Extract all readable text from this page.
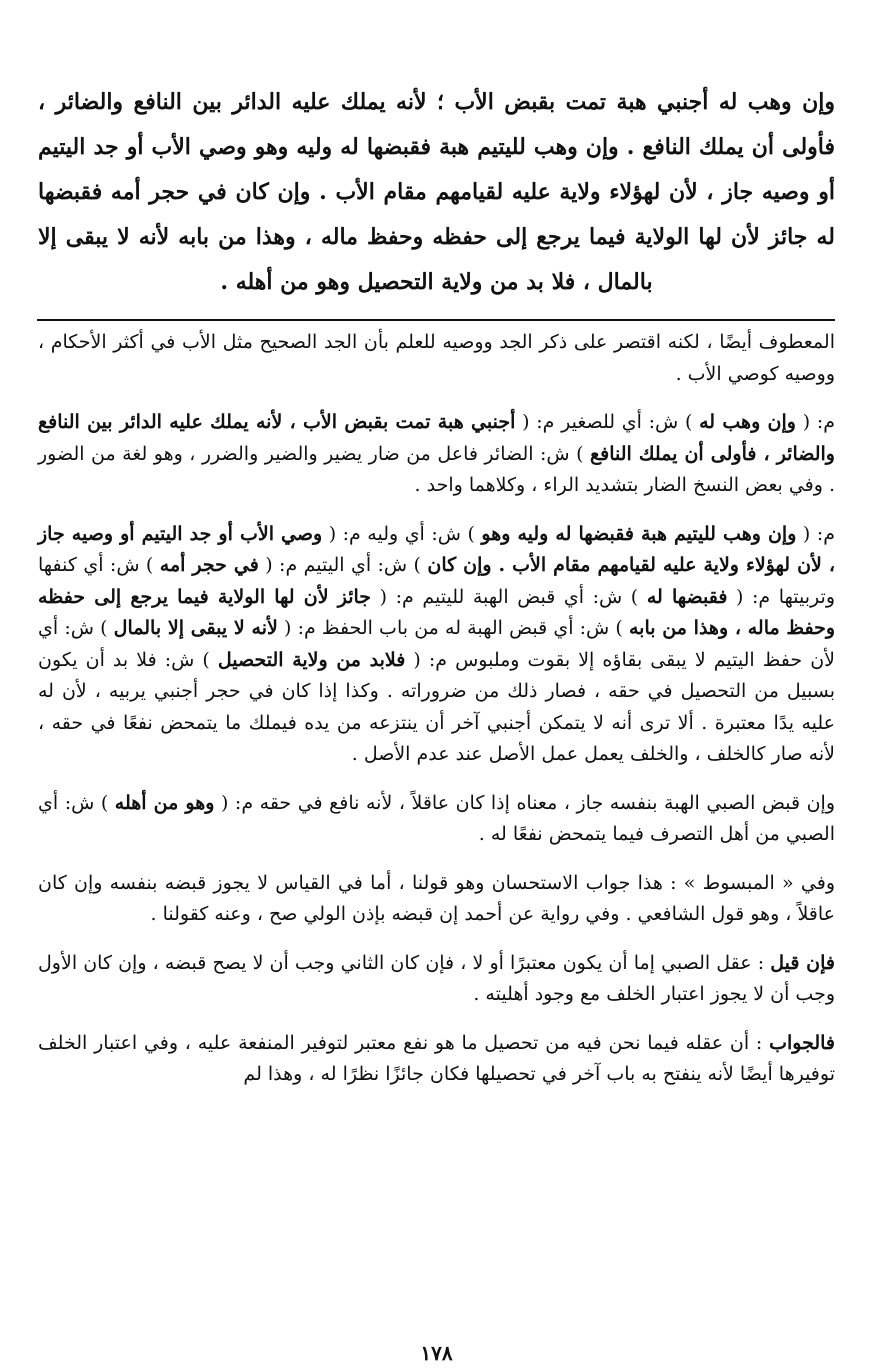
وإن وهب له أجنبي هبة تمت بقبض الأب ؛ لأنه يملك عليه الدائر بين النافع والضائر ، فأولى أن يملك النافع . وإن وهب لليتيم هبة فقبضها له وليه وهو وصي الأب أو جد اليتيم أو وصيه جاز ، لأن لهؤلاء ولاية عليه لقيامهم مقام الأب . وإن كان في حجر أمه فقبضها له جائز لأن لها الولاية فيما يرجع إلى حفظه وحفظ ماله ، وهذا من بابه لأنه لا يبقى إلا بالمال ، فلا بد من ولاية التحصيل وهو من أهله .

المعطوف أيضًا ، لكنه اقتصر على ذكر الجد ووصيه للعلم بأن الجد الصحيح مثل الأب في أكثر الأحكام ، ووصيه كوصي الأب .

م: ( وإن وهب له ) ش: أي للصغير م: ( أجنبي هبة تمت بقبض الأب ، لأنه يملك عليه الدائر بين النافع والضائر ، فأولى أن يملك النافع ) ش: الضائر فاعل من ضار يضير والضير والضرر ، وهو لغة من الضور . وفي بعض النسخ الضار بتشديد الراء ، وكلاهما واحد .

م: ( وإن وهب لليتيم هبة فقبضها له وليه وهو ) ش: أي وليه م: ( وصي الأب أو جد اليتيم أو وصيه جاز ، لأن لهؤلاء ولاية عليه لقيامهم مقام الأب . وإن كان ) ش: أي اليتيم م: ( في حجر أمه ) ش: أي كنفها وتربيتها م: ( فقبضها له ) ش: أي قبض الهبة لليتيم م: ( جائز لأن لها الولاية فيما يرجع إلى حفظه وحفظ ماله ، وهذا من بابه ) ش: أي قبض الهبة له من باب الحفظ م: ( لأنه لا يبقى إلا بالمال ) ش: أي لأن حفظ اليتيم لا يبقى بقاؤه إلا بقوت وملبوس م: ( فلابد من ولاية التحصيل ) ش: فلا بد أن يكون بسبيل من التحصيل في حقه ، فصار ذلك من ضروراته . وكذا إذا كان في حجر أجنبي يربيه ، لأن له عليه يدًا معتبرة . ألا ترى أنه لا يتمكن أجنبي آخر أن ينتزعه من يده فيملك ما يتمحض نفعًا في حقه ، لأنه صار كالخلف ، والخلف يعمل عمل الأصل عند عدم الأصل .

وإن قبض الصبي الهبة بنفسه جاز ، معناه إذا كان عاقلاً ، لأنه نافع في حقه م: ( وهو من أهله ) ش: أي الصبي من أهل التصرف فيما يتمحض نفعًا له .

وفي « المبسوط » : هذا جواب الاستحسان وهو قولنا ، أما في القياس لا يجوز قبضه بنفسه وإن كان عاقلاً ، وهو قول الشافعي . وفي رواية عن أحمد إن قبضه بإذن الولي صح ، وعنه كقولنا .

فإن قيل : عقل الصبي إما أن يكون معتبرًا أو لا ، فإن كان الثاني وجب أن لا يصح قبضه ، وإن كان الأول وجب أن لا يجوز اعتبار الخلف مع وجود أهليته .

فالجواب : أن عقله فيما نحن فيه من تحصيل ما هو نفع معتبر لتوفير المنفعة عليه ، وفي اعتبار الخلف توفيرها أيضًا لأنه ينفتح به باب آخر في تحصيلها فكان جائزًا نظرًا له ، وهذا لم

١٧٨
